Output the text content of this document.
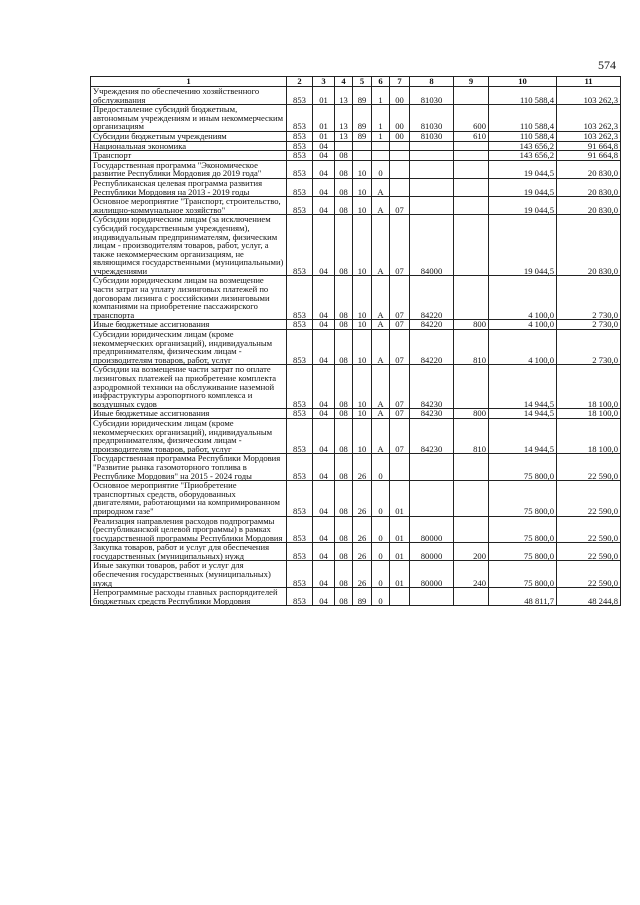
574
1	2	3	4	5	6	7	8	9	10	11
Учреждения по обеспечению хозяйственного обслуживания	853	01	13	89	1	00	81030		110 588,4	103 262,3
Предоставление субсидий бюджетным, автономным учреждениям и иным некоммерческим организациям	853	01	13	89	1	00	81030	600	110 588,4	103 262,3
Субсидии бюджетным учреждениям	853	01	13	89	1	00	81030	610	110 588,4	103 262,3
Национальная экономика	853	04							143 656,2	91 664,8
Транспорт	853	04	08						143 656,2	91 664,8
Государственная программа "Экономическое развитие Республики Мордовия до 2019 года"	853	04	08	10	0				19 044,5	20 830,0
Республиканская целевая программа развития Республики Мордовия на 2013 - 2019 годы	853	04	08	10	А				19 044,5	20 830,0
Основное мероприятие "Транспорт, строительство, жилищно-коммунальное хозяйство"	853	04	08	10	А	07			19 044,5	20 830,0
Субсидии юридическим лицам (за исключением субсидий государственным учреждениям), индивидуальным предпринимателям, физическим лицам - производителям товаров, работ, услуг, а также некоммерческим организациям, не являющимся государственными (муниципальными) учреждениями	853	04	08	10	А	07	84000		19 044,5	20 830,0
Субсидии юридическим лицам на возмещение части затрат на уплату лизинговых платежей по договорам лизинга с российскими лизинговыми компаниями на приобретение пассажирского транспорта	853	04	08	10	А	07	84220		4 100,0	2 730,0
Иные бюджетные ассигнования	853	04	08	10	А	07	84220	800	4 100,0	2 730,0
Субсидии юридическим лицам (кроме некоммерческих организаций), индивидуальным предпринимателям, физическим лицам - производителям товаров, работ, услуг	853	04	08	10	А	07	84220	810	4 100,0	2 730,0
Субсидии на возмещение части затрат по оплате лизинговых платежей на приобретение комплекта аэродромной техники на обслуживание наземной инфраструктуры аэропортного комплекса и воздушных судов	853	04	08	10	А	07	84230		14 944,5	18 100,0
Иные бюджетные ассигнования	853	04	08	10	А	07	84230	800	14 944,5	18 100,0
Субсидии юридическим лицам (кроме некоммерческих организаций), индивидуальным предпринимателям, физическим лицам - производителям товаров, работ, услуг	853	04	08	10	А	07	84230	810	14 944,5	18 100,0
Государственная программа Республики Мордовия "Развитие рынка газомоторного топлива в Республике Мордовия" на 2015 - 2024 годы	853	04	08	26	0				75 800,0	22 590,0
Основное мероприятие "Приобретение транспортных средств, оборудованных двигателями, работающими на компримированном природном газе"	853	04	08	26	0	01			75 800,0	22 590,0
Реализация направления расходов подпрограммы (республиканской целевой программы) в рамках государственной программы Республики Мордовия	853	04	08	26	0	01	80000		75 800,0	22 590,0
Закупка товаров, работ и услуг для обеспечения государственных (муниципальных) нужд	853	04	08	26	0	01	80000	200	75 800,0	22 590,0
Иные закупки товаров, работ и услуг для обеспечения государственных (муниципальных) нужд	853	04	08	26	0	01	80000	240	75 800,0	22 590,0
Непрограммные расходы главных распорядителей бюджетных средств Республики Мордовия	853	04	08	89	0				48 811,7	48 244,8
